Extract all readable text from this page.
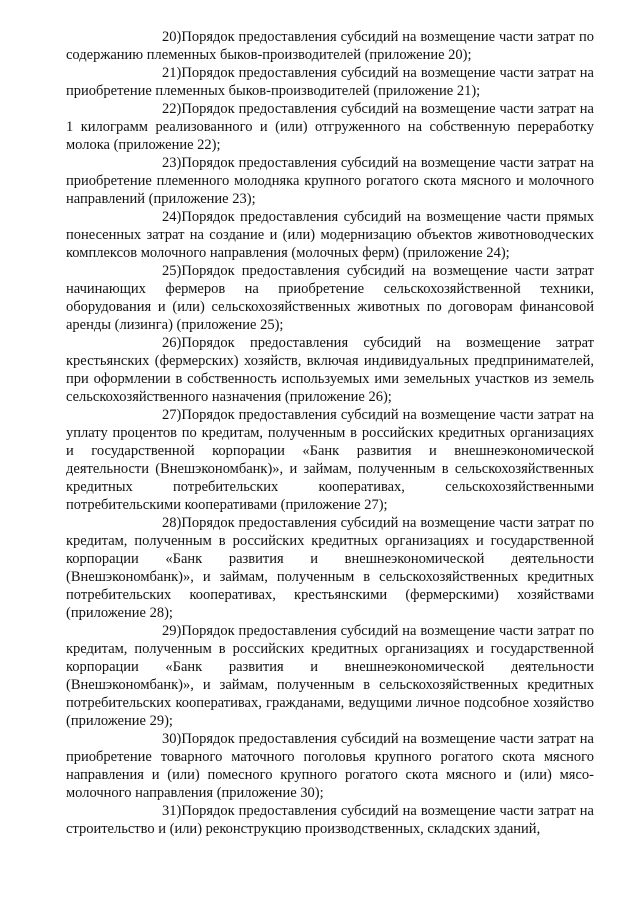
20)Порядок предоставления субсидий на возмещение части затрат по содержанию племенных быков-производителей (приложение 20);

21)Порядок предоставления субсидий на возмещение части затрат на приобретение племенных быков-производителей (приложение 21);

22)Порядок предоставления субсидий на возмещение части затрат на 1 килограмм реализованного и (или) отгруженного на собственную переработку молока (приложение 22);

23)Порядок предоставления субсидий на возмещение части затрат на приобретение племенного молодняка крупного рогатого скота мясного и молочного направлений (приложение 23);

24)Порядок предоставления субсидий на возмещение части прямых понесенных затрат на создание и (или) модернизацию объектов животноводческих комплексов молочного направления (молочных ферм) (приложение 24);

25)Порядок предоставления субсидий на возмещение части затрат начинающих фермеров на приобретение сельскохозяйственной техники, оборудования и (или) сельскохозяйственных животных по договорам финансовой аренды (лизинга) (приложение 25);

26)Порядок предоставления субсидий на возмещение затрат крестьянских (фермерских) хозяйств, включая индивидуальных предпринимателей, при оформлении в собственность используемых ими земельных участков из земель сельскохозяйственного назначения (приложение 26);

27)Порядок предоставления субсидий на возмещение части затрат на уплату процентов по кредитам, полученным в российских кредитных организациях и государственной корпорации «Банк развития и внешнеэкономической деятельности (Внешэкономбанк)», и займам, полученным в сельскохозяйственных кредитных потребительских кооперативах, сельскохозяйственными потребительскими кооперативами (приложение 27);

28)Порядок предоставления субсидий на возмещение части затрат по кредитам, полученным в российских кредитных организациях и государственной корпорации «Банк развития и внешнеэкономической деятельности (Внешэкономбанк)», и займам, полученным в сельскохозяйственных кредитных потребительских кооперативах, крестьянскими (фермерскими) хозяйствами (приложение 28);

29)Порядок предоставления субсидий на возмещение части затрат по кредитам, полученным в российских кредитных организациях и государственной корпорации «Банк развития и внешнеэкономической деятельности (Внешэкономбанк)», и займам, полученным в сельскохозяйственных кредитных потребительских кооперативах, гражданами, ведущими личное подсобное хозяйство (приложение 29);

30)Порядок предоставления субсидий на возмещение части затрат на приобретение товарного маточного поголовья крупного рогатого скота мясного направления и (или) помесного крупного рогатого скота мясного и (или) мясо-молочного направления (приложение 30);

31)Порядок предоставления субсидий на возмещение части затрат на строительство и (или) реконструкцию производственных, складских зданий,
